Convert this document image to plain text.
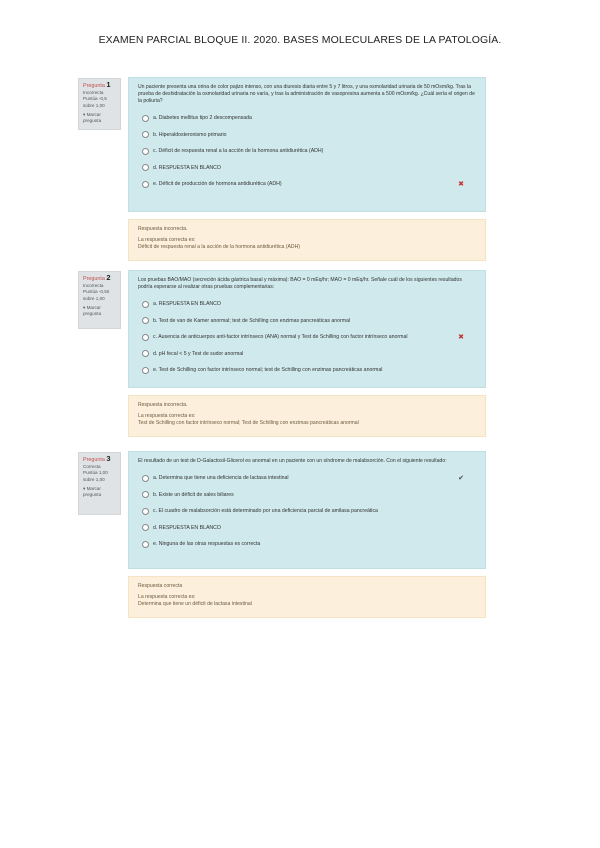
EXAMEN PARCIAL BLOQUE II. 2020. BASES MOLECULARES DE LA PATOLOGÍA.
Pregunta 1
Incorrecta
Puntúa -0,5 sobre 1,00
▾ Marcar pregunta

Un paciente presenta una orina de color pajizo intenso, con una diuresis diaria entre 5 y 7 litros, y una osmolaridad urinaria de 50 mOsm/kg. Tras la prueba de deshidratación la osmolaridad urinaria no varía, y tras la administración de vasopresina aumenta a 500 mOsm/kg. ¿Cuál sería el origen de la poliuria?

a. Diabetes mellitus tipo 2 descompensada
b. Hiperaldosteronismo primario
c. Déficit de respuesta renal a la acción de la hormona antidiurética (ADH)
d. RESPUESTA EN BLANCO
e. Déficit de producción de hormona antidiurética (ADH)	✖
Respuesta incorrecta.
La respuesta correcta es:
Déficit de respuesta renal a la acción de la hormona antidiurética (ADH)
Pregunta 2
Incorrecta
Puntúa -0,50 sobre 1,00
▾ Marcar pregunta

Los pruebas BAO/MAO (secreción ácida gástrica basal y máxima): BAO = 0 mEq/hr; MAO = 0 mEq/hr. Señale cuál de los siguientes resultados podría esperarse al realizar otras pruebas complementarias:

a. RESPUESTA EN BLANCO
b. Test de van de Kamer anormal; test de Schilling con enzimas pancreáticas anormal
c. Ausencia de anticuerpos anti-factor intrínseco (ANA) normal y Test de Schilling con factor intrínseco anormal	✖
d. pH fecal < 5 y Test de sudor anormal
e. Test de Schilling con factor intrínseco normal; test de Schilling con enzimas pancreáticas anormal
Respuesta incorrecta.
La respuesta correcta es:
Test de Schilling con factor intrínseco normal; Test de Schilling con enzimas pancreáticas anormal
Pregunta 3
Correcta
Puntúa 1,00 sobre 1,00
▾ Marcar pregunta

El resultado de un test de D-Galactosil-Glicerol es anormal en un paciente con un síndrome de malabsorción. Con el siguiente resultado:

a. Determina que tiene una deficiencia de lactasa intestinal	✔
b. Existe un déficit de sales biliares
c. El cuadro de malabsorción está determinado por una deficiencia parcial de amilasa pancreática
d. RESPUESTA EN BLANCO
e. Ninguna de las otras respuestas es correcta
Respuesta correcta
La respuesta correcta es:
Determina que tiene un déficit de lactasa intestinal
